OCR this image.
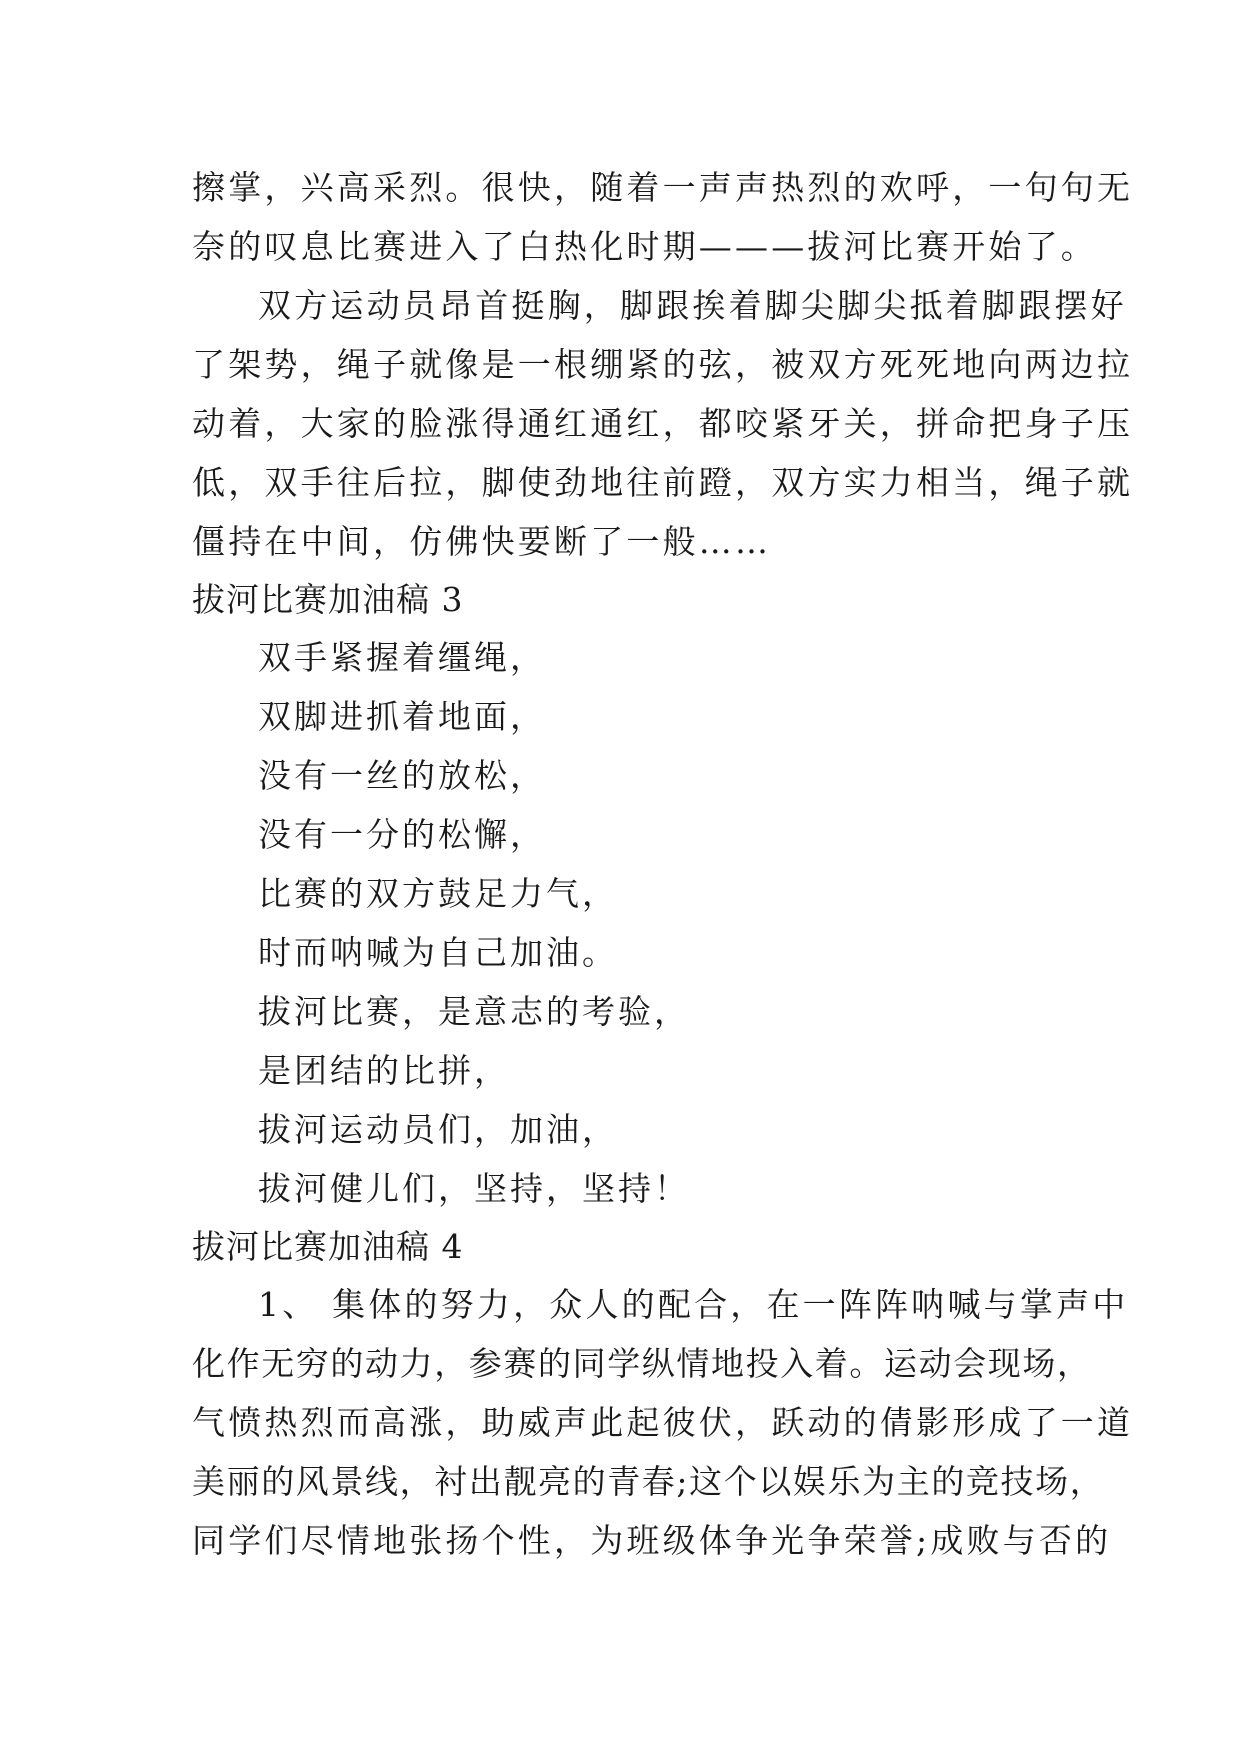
擦掌，兴高采烈。很快，随着一声声热烈的欢呼，一句句无
奈的叹息比赛进入了白热化时期———拔河比赛开始了。
双方运动员昂首挺胸，脚跟挨着脚尖脚尖抵着脚跟摆好
了架势，绳子就像是一根绷紧的弦，被双方死死地向两边拉
动着，大家的脸涨得通红通红，都咬紧牙关，拼命把身子压
低，双手往后拉，脚使劲地往前蹬，双方实力相当，绳子就
僵持在中间，仿佛快要断了一般……
拔河比赛加油稿 3
双手紧握着缰绳，
双脚进抓着地面，
没有一丝的放松，
没有一分的松懈，
比赛的双方鼓足力气，
时而呐喊为自己加油。
拔河比赛，是意志的考验，
是团结的比拼，
拔河运动员们，加油，
拔河健儿们，坚持，坚持！
拔河比赛加油稿 4
1、 集体的努力，众人的配合，在一阵阵呐喊与掌声中
化作无穷的动力，参赛的同学纵情地投入着。运动会现场，
气愤热烈而高涨，助威声此起彼伏，跃动的倩影形成了一道
美丽的风景线，衬出靓亮的青春;这个以娱乐为主的竞技场，
同学们尽情地张扬个性，为班级体争光争荣誉;成败与否的
